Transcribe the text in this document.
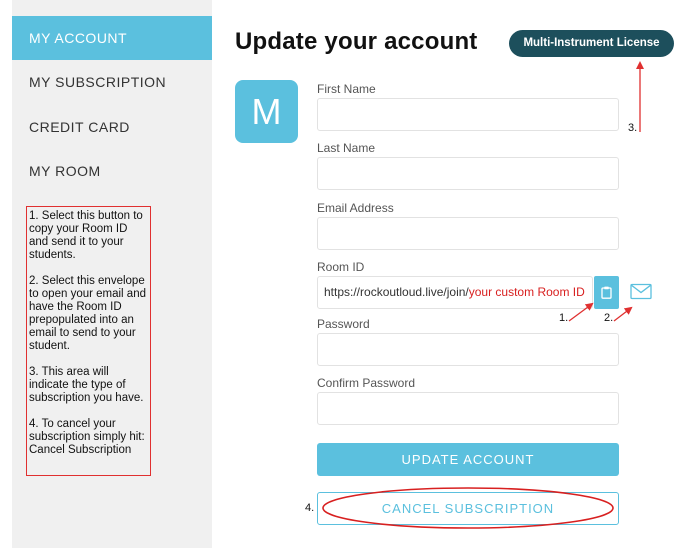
MY ACCOUNT
MY SUBSCRIPTION
CREDIT CARD
MY ROOM

1. Select this button to copy your Room ID and send it to your students.

2. Select this envelope to open your email and have the Room ID prepopulated into an email to send to your student.

3. This area will indicate the type of subscription you have.

4. To cancel your subscription simply hit: Cancel Subscription

Update your account	Multi-Instrument License
M
First Name
Last Name
Email Address
Room ID
https://rockoutloud.live/join/your custom Room ID
Password
Confirm Password
UPDATE ACCOUNT
CANCEL SUBSCRIPTION
1.	2.
3.
4.
